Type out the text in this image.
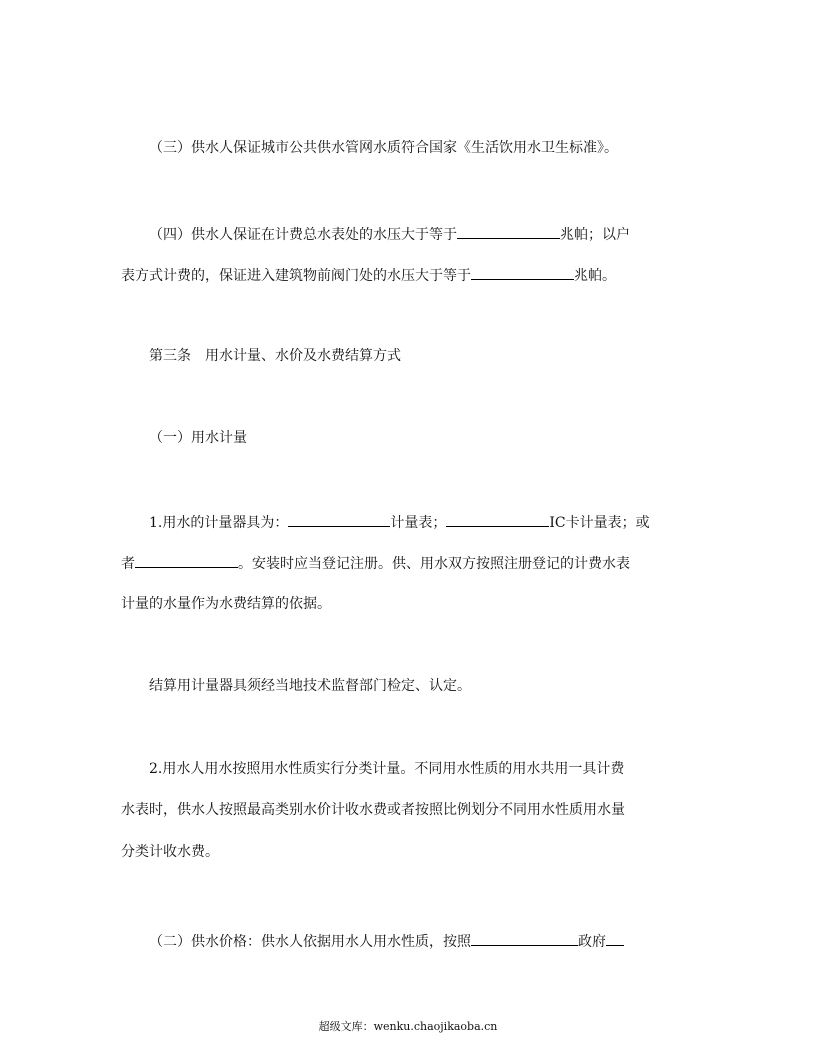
（三）供水人保证城市公共供水管网水质符合国家《生活饮用水卫生标准》。
（四）供水人保证在计费总水表处的水压大于等于	兆帕；以户
表方式计费的，保证进入建筑物前阀门处的水压大于等于	兆帕。
第三条　用水计量、水价及水费结算方式
（一）用水计量
1.用水的计量器具为：	计量表；	IC卡计量表；或
者	。安装时应当登记注册。供、用水双方按照注册登记的计费水表
计量的水量作为水费结算的依据。
结算用计量器具须经当地技术监督部门检定、认定。
2.用水人用水按照用水性质实行分类计量。不同用水性质的用水共用一具计费
水表时，供水人按照最高类别水价计收水费或者按照比例划分不同用水性质用水量
分类计收水费。
（二）供水价格：供水人依据用水人用水性质，按照	政府
超级文库：wenku.chaojikaoba.cn
